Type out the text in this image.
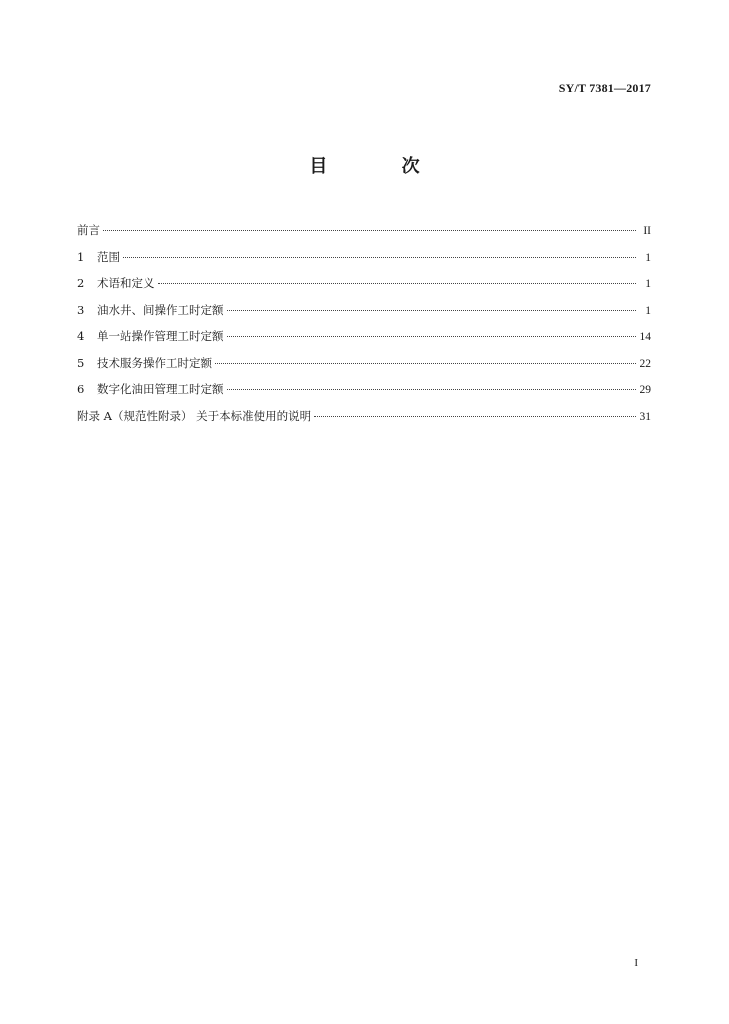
SY/T 7381—2017
目 次
前言	II
1	范围	1
2	术语和定义	1
3	油水井、间操作工时定额	1
4	单一站操作管理工时定额	14
5	技术服务操作工时定额	22
6	数字化油田管理工时定额	29
附录 A（规范性附录） 关于本标准使用的说明	31
I
